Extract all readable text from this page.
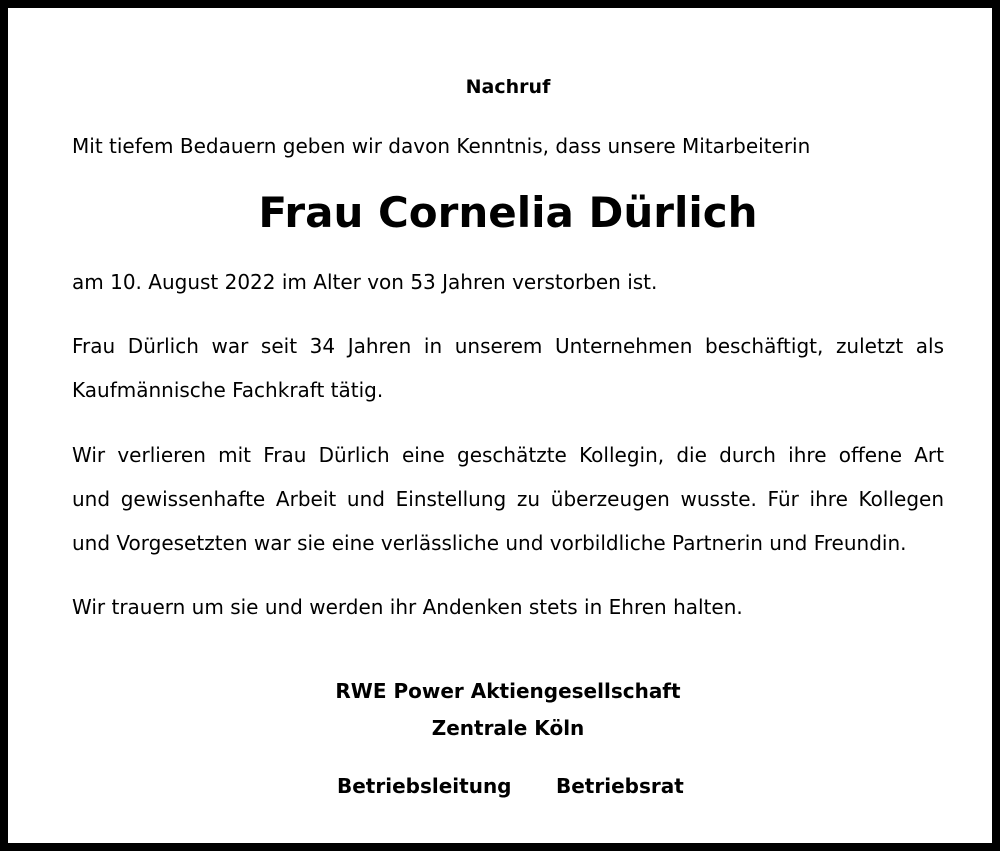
Nachruf
Mit tiefem Bedauern geben wir davon Kenntnis, dass unsere Mitarbeiterin
Frau Cornelia Dürlich
am 10. August 2022 im Alter von 53 Jahren verstorben ist.
Frau Dürlich war seit 34 Jahren in unserem Unternehmen beschäftigt, zuletzt als
Kaufmännische Fachkraft tätig.
Wir verlieren mit Frau Dürlich eine geschätzte Kollegin, die durch ihre offene Art
und gewissenhafte Arbeit und Einstellung zu überzeugen wusste. Für ihre Kollegen
und Vorgesetzten war sie eine verlässliche und vorbildliche Partnerin und Freundin.
Wir trauern um sie und werden ihr Andenken stets in Ehren halten.
RWE Power Aktiengesellschaft
Zentrale Köln
Betriebsleitung Betriebsrat
